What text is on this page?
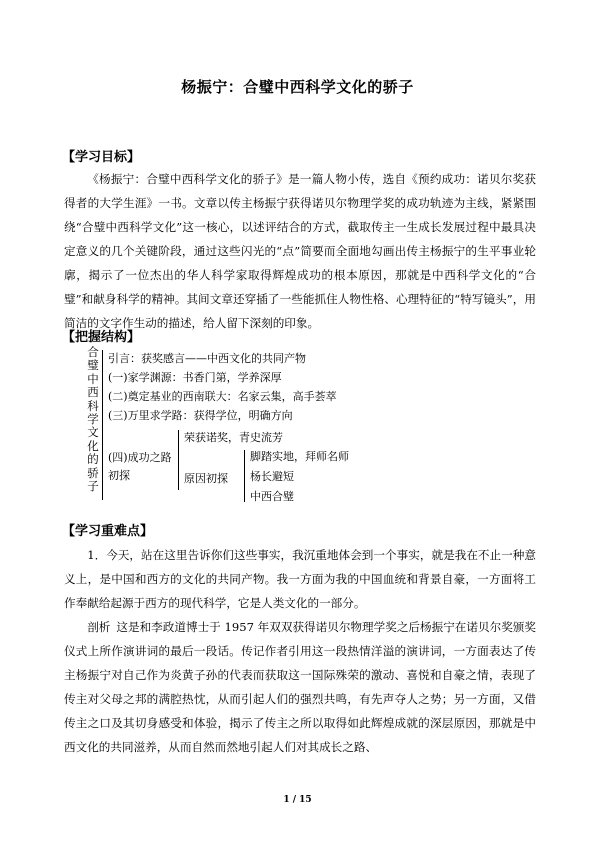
杨振宁：合璧中西科学文化的骄子
【学习目标】

《杨振宁：合璧中西科学文化的骄子》是一篇人物小传，选自《预约成功：诺贝尔奖获得者的大学生涯》一书。文章以传主杨振宁获得诺贝尔物理学奖的成功轨迹为主线，紧紧围绕“合璧中西科学文化”这一核心，以述评结合的方式，截取传主一生成长发展过程中最具决定意义的几个关键阶段，通过这些闪光的“点”简要而全面地勾画出传主杨振宁的生平事业轮廓，揭示了一位杰出的华人科学家取得辉煌成功的根本原因，那就是中西科学文化的“合璧”和献身科学的精神。其间文章还穿插了一些能抓住人物性格、心理特征的“特写镜头”，用简洁的文字作生动的描述，给人留下深刻的印象。

【把握结构】
合璧中西科学文化的骄子
引言：获奖感言——中西文化的共同产物
(一)家学渊源：书香门第，学养深厚
(二)奠定基业的西南联大：名家云集，高手荟萃
(三)万里求学路：获得学位，明确方向
(四)成功之路初探
荣获诺奖，青史流芳
原因初探
脚踏实地，拜师名师
杨长避短
中西合璧
【学习重难点】

1．今天，站在这里告诉你们这些事实，我沉重地体会到一个事实，就是我在不止一种意义上，是中国和西方的文化的共同产物。我一方面为我的中国血统和背景自豪，一方面将工作奉献给起源于西方的现代科学，它是人类文化的一部分。

剖析 这是和李政道博士于 1957 年双双获得诺贝尔物理学奖之后杨振宁在诺贝尔奖颁奖仪式上所作演讲词的最后一段话。传记作者引用这一段热情洋溢的演讲词，一方面表达了传主杨振宁对自己作为炎黄子孙的代表而获取这一国际殊荣的激动、喜悦和自豪之情，表现了传主对父母之邦的满腔热忱，从而引起人们的强烈共鸣，有先声夺人之势；另一方面，又借传主之口及其切身感受和体验，揭示了传主之所以取得如此辉煌成就的深层原因，那就是中西文化的共同滋养，从而自然而然地引起人们对其成长之路、

1 / 15
